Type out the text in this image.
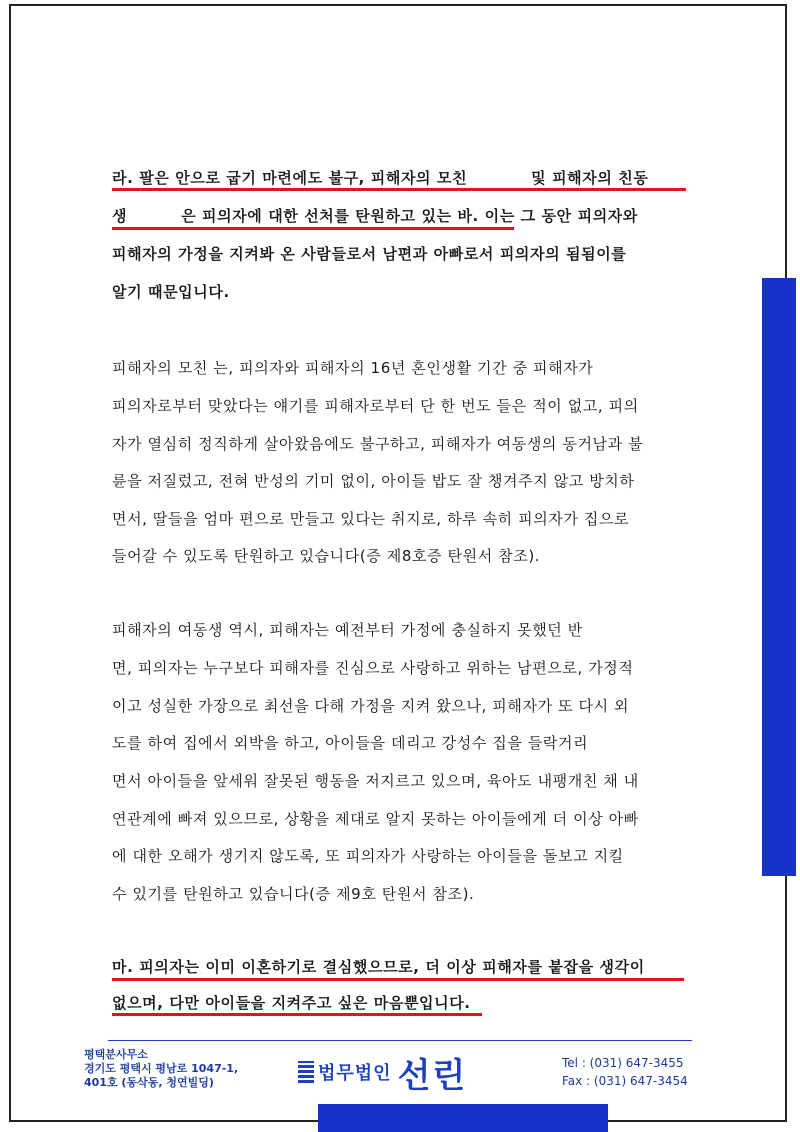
라. 팔은 안으로 굽기 마련에도 불구, 피해자의 모친	및 피해자의 친동
생	은 피의자에 대한 선처를 탄원하고 있는 바. 이는 그 동안 피의자와
피해자의 가정을 지켜봐 온 사람들로서 남편과 아빠로서 피의자의 됨됨이를
알기 때문입니다.
피해자의 모친 는, 피의자와 피해자의 16년 혼인생활 기간 중 피해자가
피의자로부터 맞았다는 얘기를 피해자로부터 단 한 번도 들은 적이 없고, 피의
자가 열심히 정직하게 살아왔음에도 불구하고, 피해자가 여동생의 동거남과 불
륜을 저질렀고, 전혀 반성의 기미 없이, 아이들 밥도 잘 챙겨주지 않고 방치하
면서, 딸들을 엄마 편으로 만들고 있다는 취지로, 하루 속히 피의자가 집으로
들어갈 수 있도록 탄원하고 있습니다(증 제8호증 탄원서 참조).
피해자의 여동생 역시, 피해자는 예전부터 가정에 충실하지 못했던 반
면, 피의자는 누구보다 피해자를 진심으로 사랑하고 위하는 남편으로, 가정적
이고 성실한 가장으로 최선을 다해 가정을 지켜 왔으나, 피해자가 또 다시 외
도를 하여 집에서 외박을 하고, 아이들을 데리고 강성수 집을 들락거리
면서 아이들을 앞세워 잘못된 행동을 저지르고 있으며, 육아도 내팽개친 채 내
연관계에 빠져 있으므로, 상황을 제대로 알지 못하는 아이들에게 더 이상 아빠
에 대한 오해가 생기지 않도록, 또 피의자가 사랑하는 아이들을 돌보고 지킬
수 있기를 탄원하고 있습니다(증 제9호 탄원서 참조).
마. 피의자는 이미 이혼하기로 결심했으므로, 더 이상 피해자를 붙잡을 생각이
없으며, 다만 아이들을 지켜주고 싶은 마음뿐입니다.
평택분사무소
경기도 평택시 평남로 1047-1,
401호 (동삭동, 청연빌딩)	법무법인 선린	Tel : (031) 647-3455
Fax : (031) 647-3454
